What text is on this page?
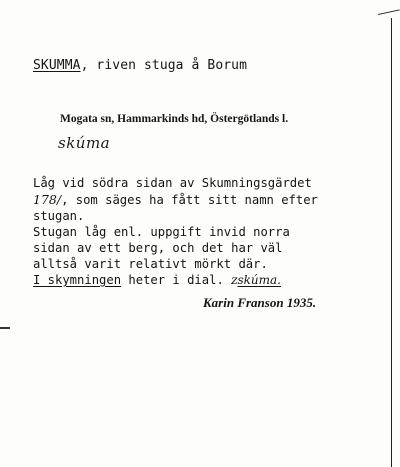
SKUMMA, riven stuga å Borum
Mogata sn, Hammarkinds hd, Östergötlands l.
skúma
Låg vid södra sidan av Skumningsgärdet
178/, som säges ha fått sitt namn efter
stugan.
Stugan låg enl. uppgift invid norra
sidan av ett berg, och det har väl
alltså varit relativt mörkt där.
I skymningen heter i dial. ᴢskúma.
Karin Franson 1935.
